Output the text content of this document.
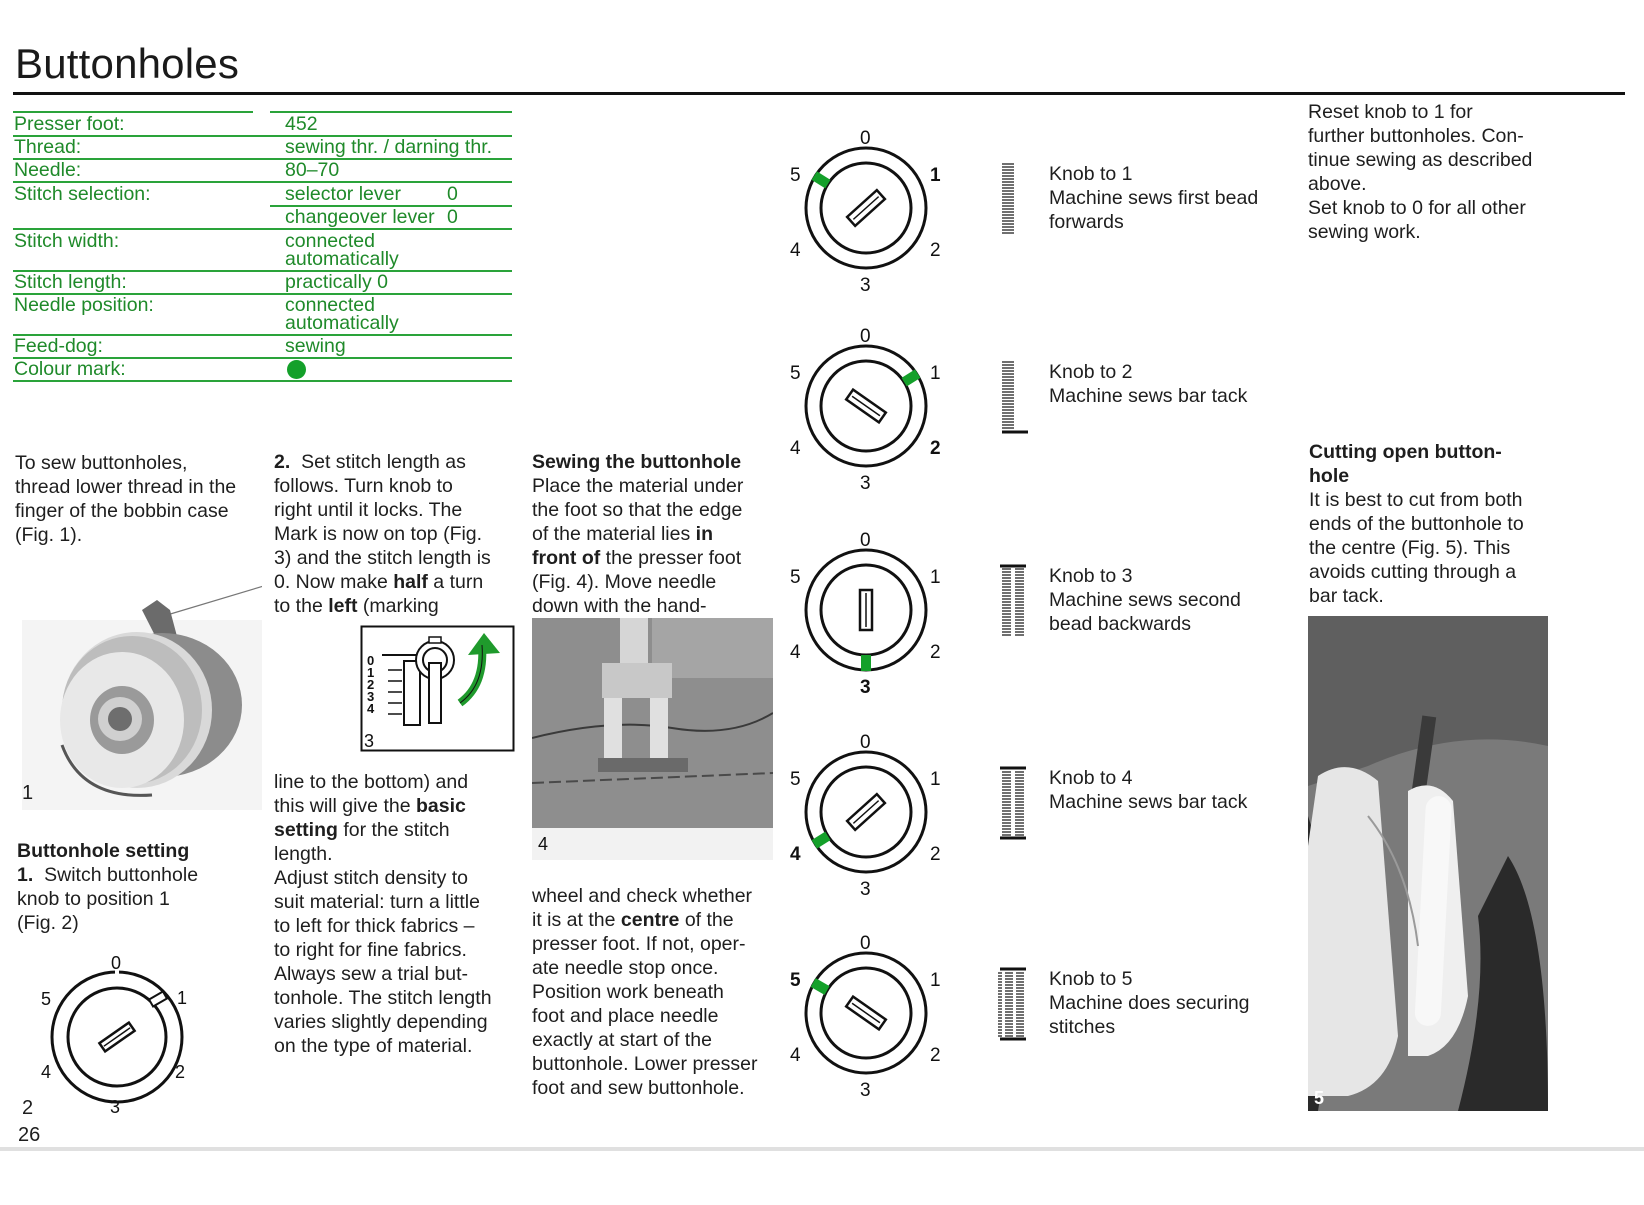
Buttonholes
Presser foot:	452
Thread:	sewing thr. / darning thr.
Needle:	80–70
Stitch selection:	selector lever 0
changeover lever 0
Stitch width:	connected
automatically
Stitch length:	practically 0
Needle position:	connected
automatically
Feed-dog:	sewing
Colour mark:
To sew buttonholes,
thread lower thread in the
finger of the bobbin case
(Fig. 1).
1
Buttonhole setting
1. Switch buttonhole
knob to position 1
(Fig. 2)
0
1
2
3
4
5
2
26
2. Set stitch length as
follows. Turn knob to
right until it locks. The
Mark is now on top (Fig.
3) and the stitch length is
0. Now make half a turn
to the left (marking
0
1
2
3
4
3
line to the bottom) and
this will give the basic
setting for the stitch
length.
Adjust stitch density to
suit material: turn a little
to left for thick fabrics –
to right for fine fabrics.
Always sew a trial but-
tonhole. The stitch length
varies slightly depending
on the type of material.
Sewing the buttonhole
Place the material under
the foot so that the edge
of the material lies in
front of the presser foot
(Fig. 4). Move needle
down with the hand-
4
wheel and check whether
it is at the centre of the
presser foot. If not, oper-
ate needle stop once.
Position work beneath
foot and place needle
exactly at start of the
buttonhole. Lower presser
foot and sew buttonhole.
0
1
2
3
4
5	Knob to 1
Machine sews first bead
forwards
0
1
2
3
4
5	Knob to 2
Machine sews bar tack
0
1
2
3
4
5	Knob to 3
Machine sews second
bead backwards
0
1
2
3
4
5	Knob to 4
Machine sews bar tack
0
1
2
3
4
5	Knob to 5
Machine does securing
stitches
Reset knob to 1 for
further buttonholes. Con-
tinue sewing as described
above.
Set knob to 0 for all other
sewing work.
Cutting open button-
hole
It is best to cut from both
ends of the buttonhole to
the centre (Fig. 5). This
avoids cutting through a
bar tack.
5
